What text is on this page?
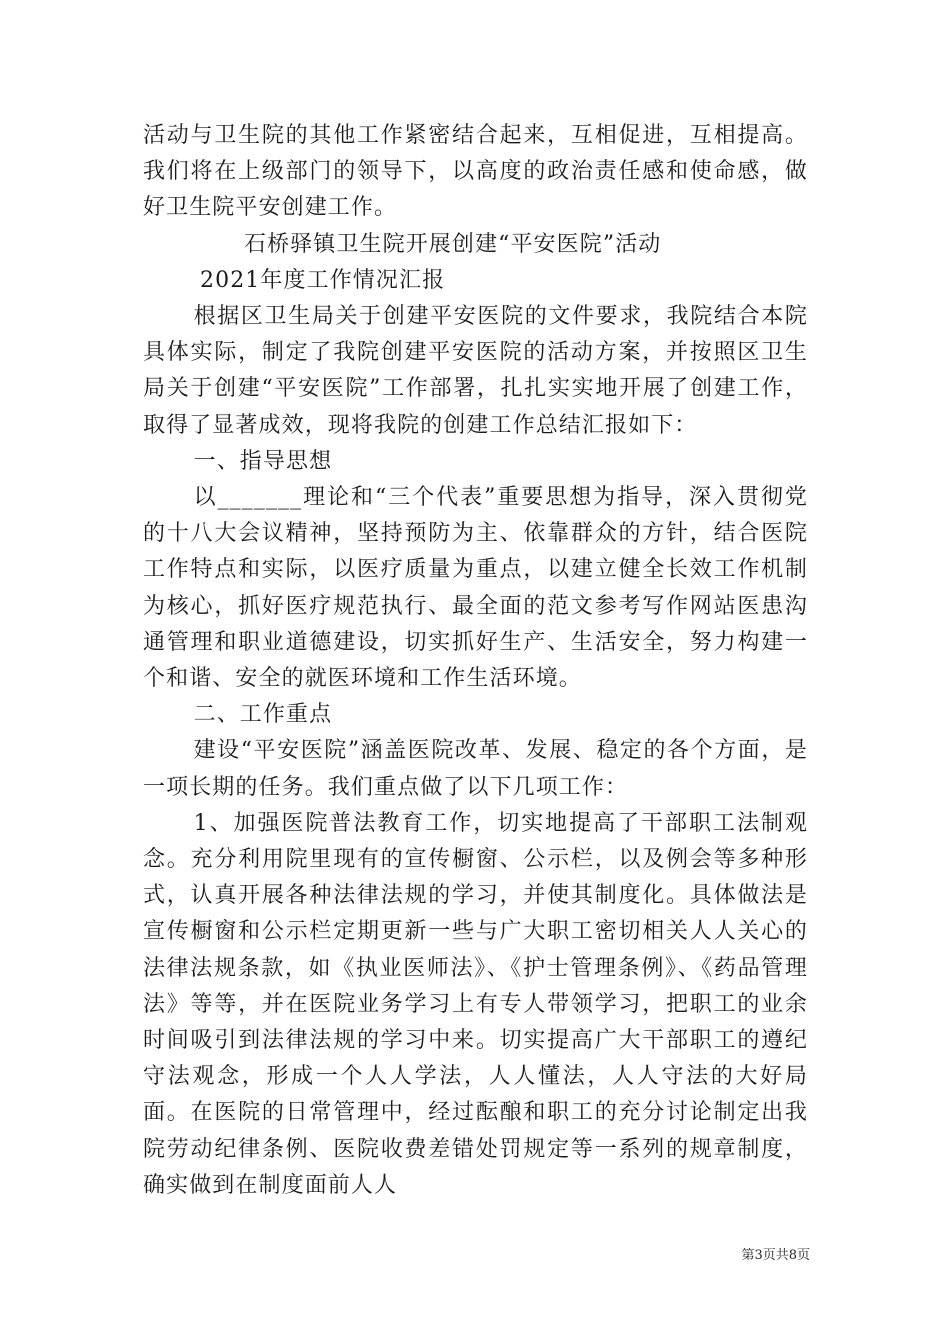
活动与卫生院的其他工作紧密结合起来，互相促进，互相提高。我们将在上级部门的领导下，以高度的政治责任感和使命感，做好卫生院平安创建工作。

石桥驿镇卫生院开展创建“平安医院”活动

2021年度工作情况汇报

根据区卫生局关于创建平安医院的文件要求，我院结合本院具体实际，制定了我院创建平安医院的活动方案，并按照区卫生局关于创建“平安医院”工作部署，扎扎实实地开展了创建工作，取得了显著成效，现将我院的创建工作总结汇报如下：

一、指导思想

以_______理论和“三个代表”重要思想为指导，深入贯彻党的十八大会议精神，坚持预防为主、依靠群众的方针，结合医院工作特点和实际，以医疗质量为重点，以建立健全长效工作机制为核心，抓好医疗规范执行、最全面的范文参考写作网站医患沟通管理和职业道德建设，切实抓好生产、生活安全，努力构建一个和谐、安全的就医环境和工作生活环境。

二、工作重点

建设“平安医院”涵盖医院改革、发展、稳定的各个方面，是一项长期的任务。我们重点做了以下几项工作：

1、加强医院普法教育工作，切实地提高了干部职工法制观念。充分利用院里现有的宣传橱窗、公示栏，以及例会等多种形式，认真开展各种法律法规的学习，并使其制度化。具体做法是宣传橱窗和公示栏定期更新一些与广大职工密切相关人人关心的法律法规条款，如《执业医师法》、《护士管理条例》、《药品管理法》等等，并在医院业务学习上有专人带领学习，把职工的业余时间吸引到法律法规的学习中来。切实提高广大干部职工的遵纪守法观念，形成一个人人学法，人人懂法，人人守法的大好局面。在医院的日常管理中，经过酝酿和职工的充分讨论制定出我院劳动纪律条例、医院收费差错处罚规定等一系列的规章制度，确实做到在制度面前人人

第3页共8页
